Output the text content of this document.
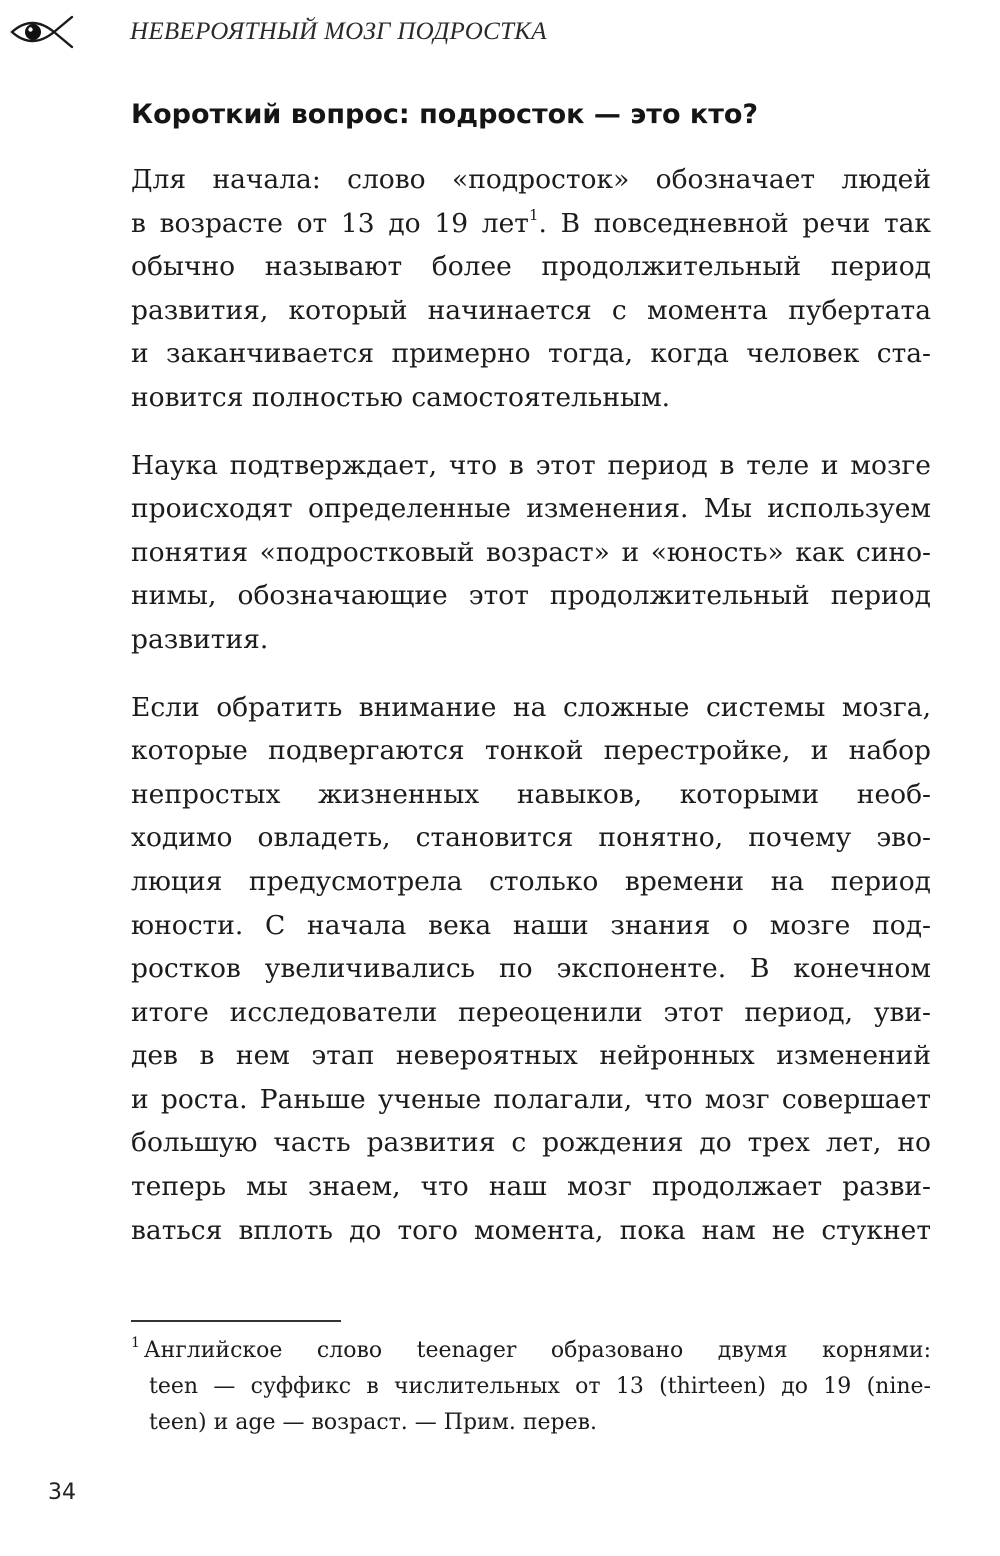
НЕВЕРОЯТНЫЙ МОЗГ ПОДРОСТКА
Короткий вопрос: подросток — это кто?
Для начала: слово «подросток» обозначает людей
в возрасте от 13 до 19 лет$^1$. В повседневной речи так
обычно называют более продолжительный период
развития, который начинается с момента пубертата
и заканчивается примерно тогда, когда человек ста-
новится полностью самостоятельным.
Наука подтверждает, что в этот период в теле и мозге
происходят определенные изменения. Мы используем
понятия «подростковый возраст» и «юность» как сино-
нимы, обозначающие этот продолжительный период
развития.
Если обратить внимание на сложные системы мозга,
которые подвергаются тонкой перестройке, и набор
непростых жизненных навыков, которыми необ-
ходимо овладеть, становится понятно, почему эво-
люция предусмотрела столько времени на период
юности. С начала века наши знания о мозге под-
ростков увеличивались по экспоненте. В конечном
итоге исследователи переоценили этот период, уви-
дев в нем этап невероятных нейронных изменений
и роста. Раньше ученые полагали, что мозг совершает
большую часть развития с рождения до трех лет, но
теперь мы знаем, что наш мозг продолжает разви-
ваться вплоть до того момента, пока нам не стукнет
$^1$ Английское слово teenager образовано двумя корнями:
teen — суффикс в числительных от 13 (thirteen) до 19 (nine-
teen) и age — возраст. — Прим. перев.
34
